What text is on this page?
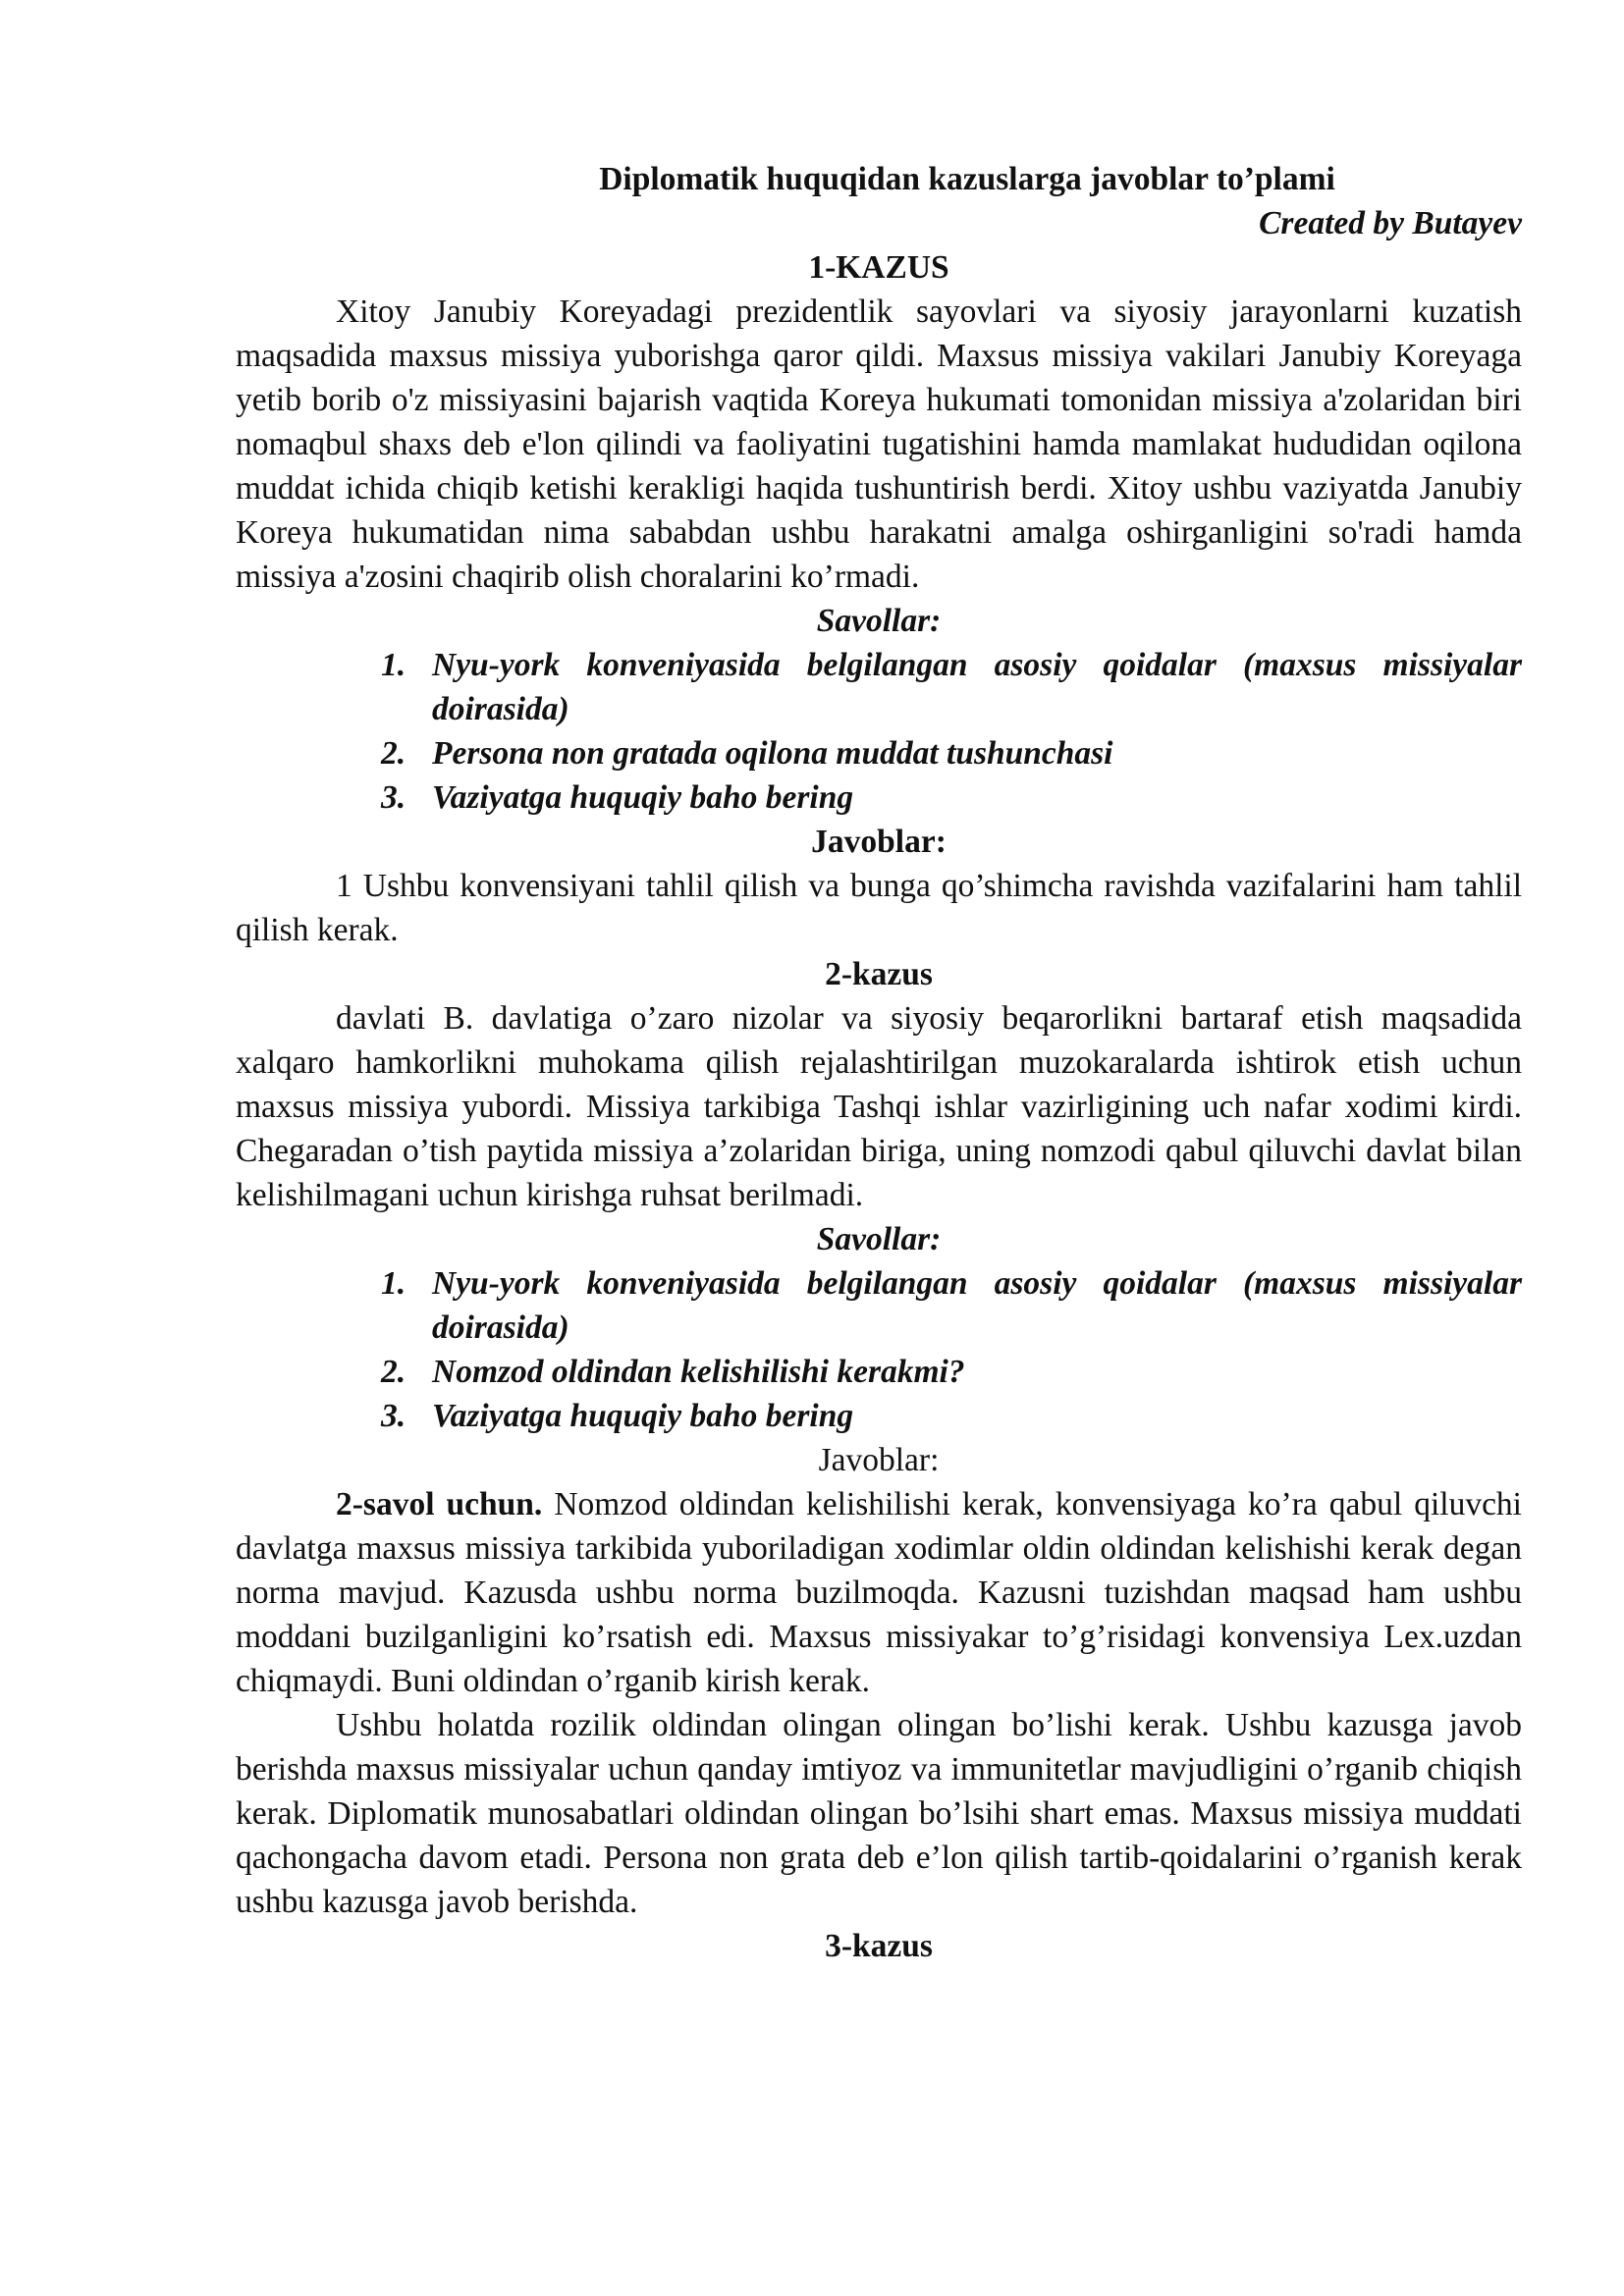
Diplomatik huquqidan kazuslarga javoblar to’plami

Created by Butayev

1-KAZUS

Xitoy Janubiy Koreyadagi prezidentlik sayovlari va siyosiy jarayonlarni kuzatish maqsadida maxsus missiya yuborishga qaror qildi. Maxsus missiya vakilari Janubiy Koreyaga yetib borib o'z missiyasini bajarish vaqtida Koreya hukumati tomonidan missiya a'zolaridan biri nomaqbul shaxs deb e'lon qilindi va faoliyatini tugatishini hamda mamlakat hududidan oqilona muddat ichida chiqib ketishi kerakligi haqida tushuntirish berdi. Xitoy ushbu vaziyatda Janubiy Koreya hukumatidan nima sababdan ushbu harakatni amalga oshirganligini so'radi hamda missiya a'zosini chaqirib olish choralarini ko’rmadi.

Savollar:

1. Nyu-york konveniyasida belgilangan asosiy qoidalar (maxsus missiyalar doirasida)
2. Persona non gratada oqilona muddat tushunchasi
3. Vaziyatga huquqiy baho bering

Javoblar:

1 Ushbu konvensiyani tahlil qilish va bunga qo’shimcha ravishda vazifalarini ham tahlil qilish kerak.

2-kazus

davlati B. davlatiga o’zaro nizolar va siyosiy beqarorlikni bartaraf etish maqsadida xalqaro hamkorlikni muhokama qilish rejalashtirilgan muzokaralarda ishtirok etish uchun maxsus missiya yubordi. Missiya tarkibiga Tashqi ishlar vazirligining uch nafar xodimi kirdi. Chegaradan o’tish paytida missiya a’zolaridan biriga, uning nomzodi qabul qiluvchi davlat bilan kelishilmagani uchun kirishga ruhsat berilmadi.

Savollar:

1. Nyu-york konveniyasida belgilangan asosiy qoidalar (maxsus missiyalar doirasida)
2. Nomzod oldindan kelishilishi kerakmi?
3. Vaziyatga huquqiy baho bering

Javoblar:

2-savol uchun. Nomzod oldindan kelishilishi kerak, konvensiyaga ko’ra qabul qiluvchi davlatga maxsus missiya tarkibida yuboriladigan xodimlar oldin oldindan kelishishi kerak degan norma mavjud. Kazusda ushbu norma buzilmoqda. Kazusni tuzishdan maqsad ham ushbu moddani buzilganligini ko’rsatish edi. Maxsus missiyakar to’g’risidagi konvensiya Lex.uzdan chiqmaydi. Buni oldindan o’rganib kirish kerak.

Ushbu holatda rozilik oldindan olingan olingan bo’lishi kerak. Ushbu kazusga javob berishda maxsus missiyalar uchun qanday imtiyoz va immunitetlar mavjudligini o’rganib chiqish kerak. Diplomatik munosabatlari oldindan olingan bo’lsihi shart emas. Maxsus missiya muddati qachongacha davom etadi. Persona non grata deb e’lon qilish tartib-qoidalarini o’rganish kerak ushbu kazusga javob berishda.

3-kazus
